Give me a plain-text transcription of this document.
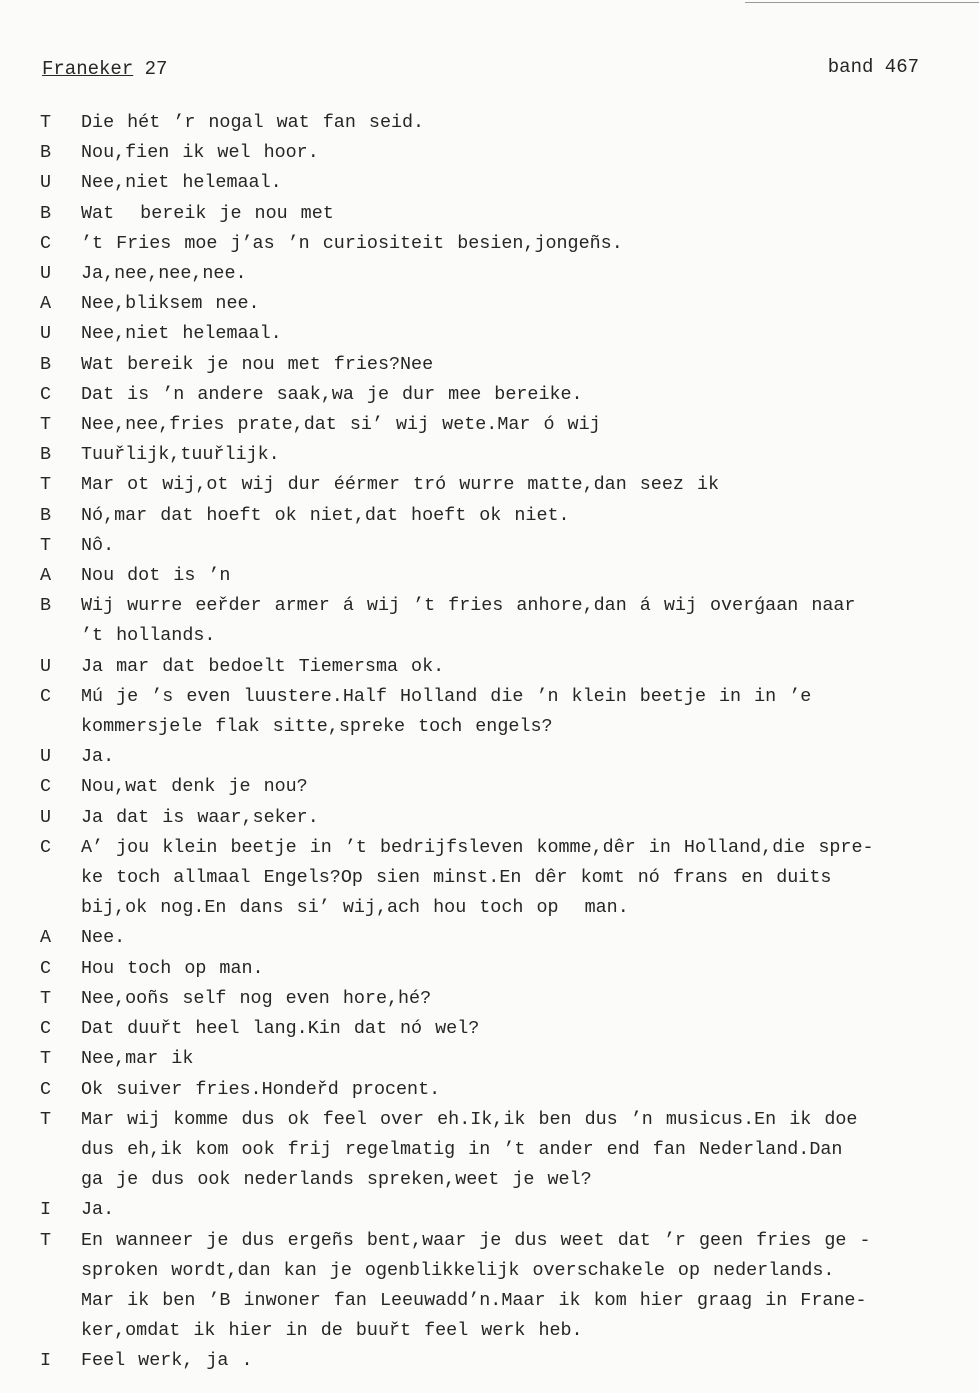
Franeker 27	band 467
T	Die hét ’r nogal wat fan seid.
B	Nou,fien ik wel hoor.
U	Nee,niet helemaal.
B	Wat  bereik je nou met
C	’t Fries moe j’as ’n curiositeit besien,jongeñs.
U	Ja,nee,nee,nee.
A	Nee,bliksem nee.
U	Nee,niet helemaal.
B	Wat bereik je nou met fries?Nee
C	Dat is ’n andere saak,wa je dur mee bereike.
T	Nee,nee,fries prate,dat si’ wij wete.Mar ó wij
B	Tuuřlijk,tuuřlijk.
T	Mar ot wij,ot wij dur éérmer tró wurre matte,dan seez ik
B	Nó,mar dat hoeft ok niet,dat hoeft ok niet.
T	Nô.
A	Nou dot is ’n
B	Wij wurre eeřder armer á wij ’t fries anhore,dan á wij overǵaan naar
’t hollands.
U	Ja mar dat bedoelt Tiemersma ok.
C	Mú je ’s even luustere.Half Holland die ’n klein beetje in in ’e
kommersjele flak sitte,spreke toch engels?
U	Ja.
C	Nou,wat denk je nou?
U	Ja dat is waar,seker.
C	A’ jou klein beetje in ’t bedrijfsleven komme,dêr in Holland,die spre-
ke toch allmaal Engels?Op sien minst.En dêr komt nó frans en duits
bij,ok nog.En dans si’ wij,ach hou toch op  man.
A	Nee.
C	Hou toch op man.
T	Nee,ooñs self nog even hore,hé?
C	Dat duuřt heel lang.Kin dat nó wel?
T	Nee,mar ik
C	Ok suiver fries.Hondeřd procent.
T	Mar wij komme dus ok feel over eh.Ik,ik ben dus ’n musicus.En ik doe
dus eh,ik kom ook frij regelmatig in ’t ander end fan Nederland.Dan
ga je dus ook nederlands spreken,weet je wel?
I	Ja.
T	En wanneer je dus ergeñs bent,waar je dus weet dat ’r geen fries ge -
sproken wordt,dan kan je ogenblikkelijk overschakele op nederlands.
Mar ik ben ’B inwoner fan Leeuwadd’n.Maar ik kom hier graag in Frane-
ker,omdat ik hier in de buuřt feel werk heb.
I	Feel werk, ja .
